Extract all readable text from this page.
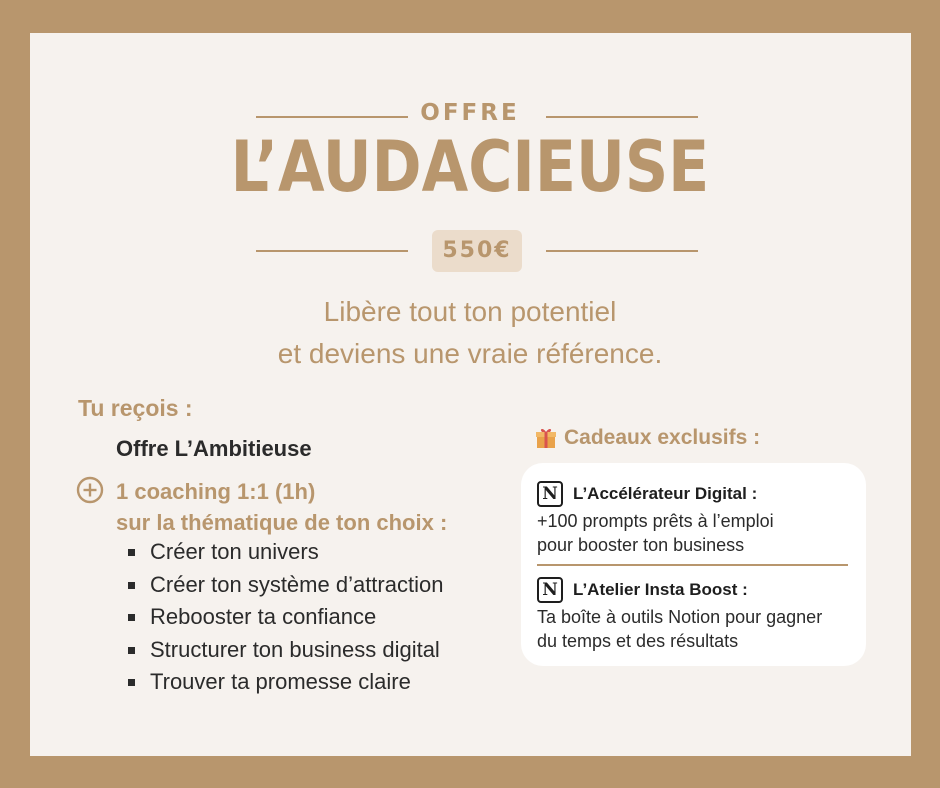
OFFRE
L’AUDACIEUSE
550€
Libère tout ton potentiel
et deviens une vraie référence.
Tu reçois :
Offre L’Ambitieuse
1 coaching 1:1 (1h)
sur la thématique de ton choix :
Créer ton univers
Créer ton système d’attraction
Rebooster ta confiance
Structurer ton business digital
Trouver ta promesse claire
Cadeaux exclusifs :
N L’Accélérateur Digital :
+100 prompts prêts à l’emploi
pour booster ton business
N L’Atelier Insta Boost :
Ta boîte à outils Notion pour gagner
du temps et des résultats
